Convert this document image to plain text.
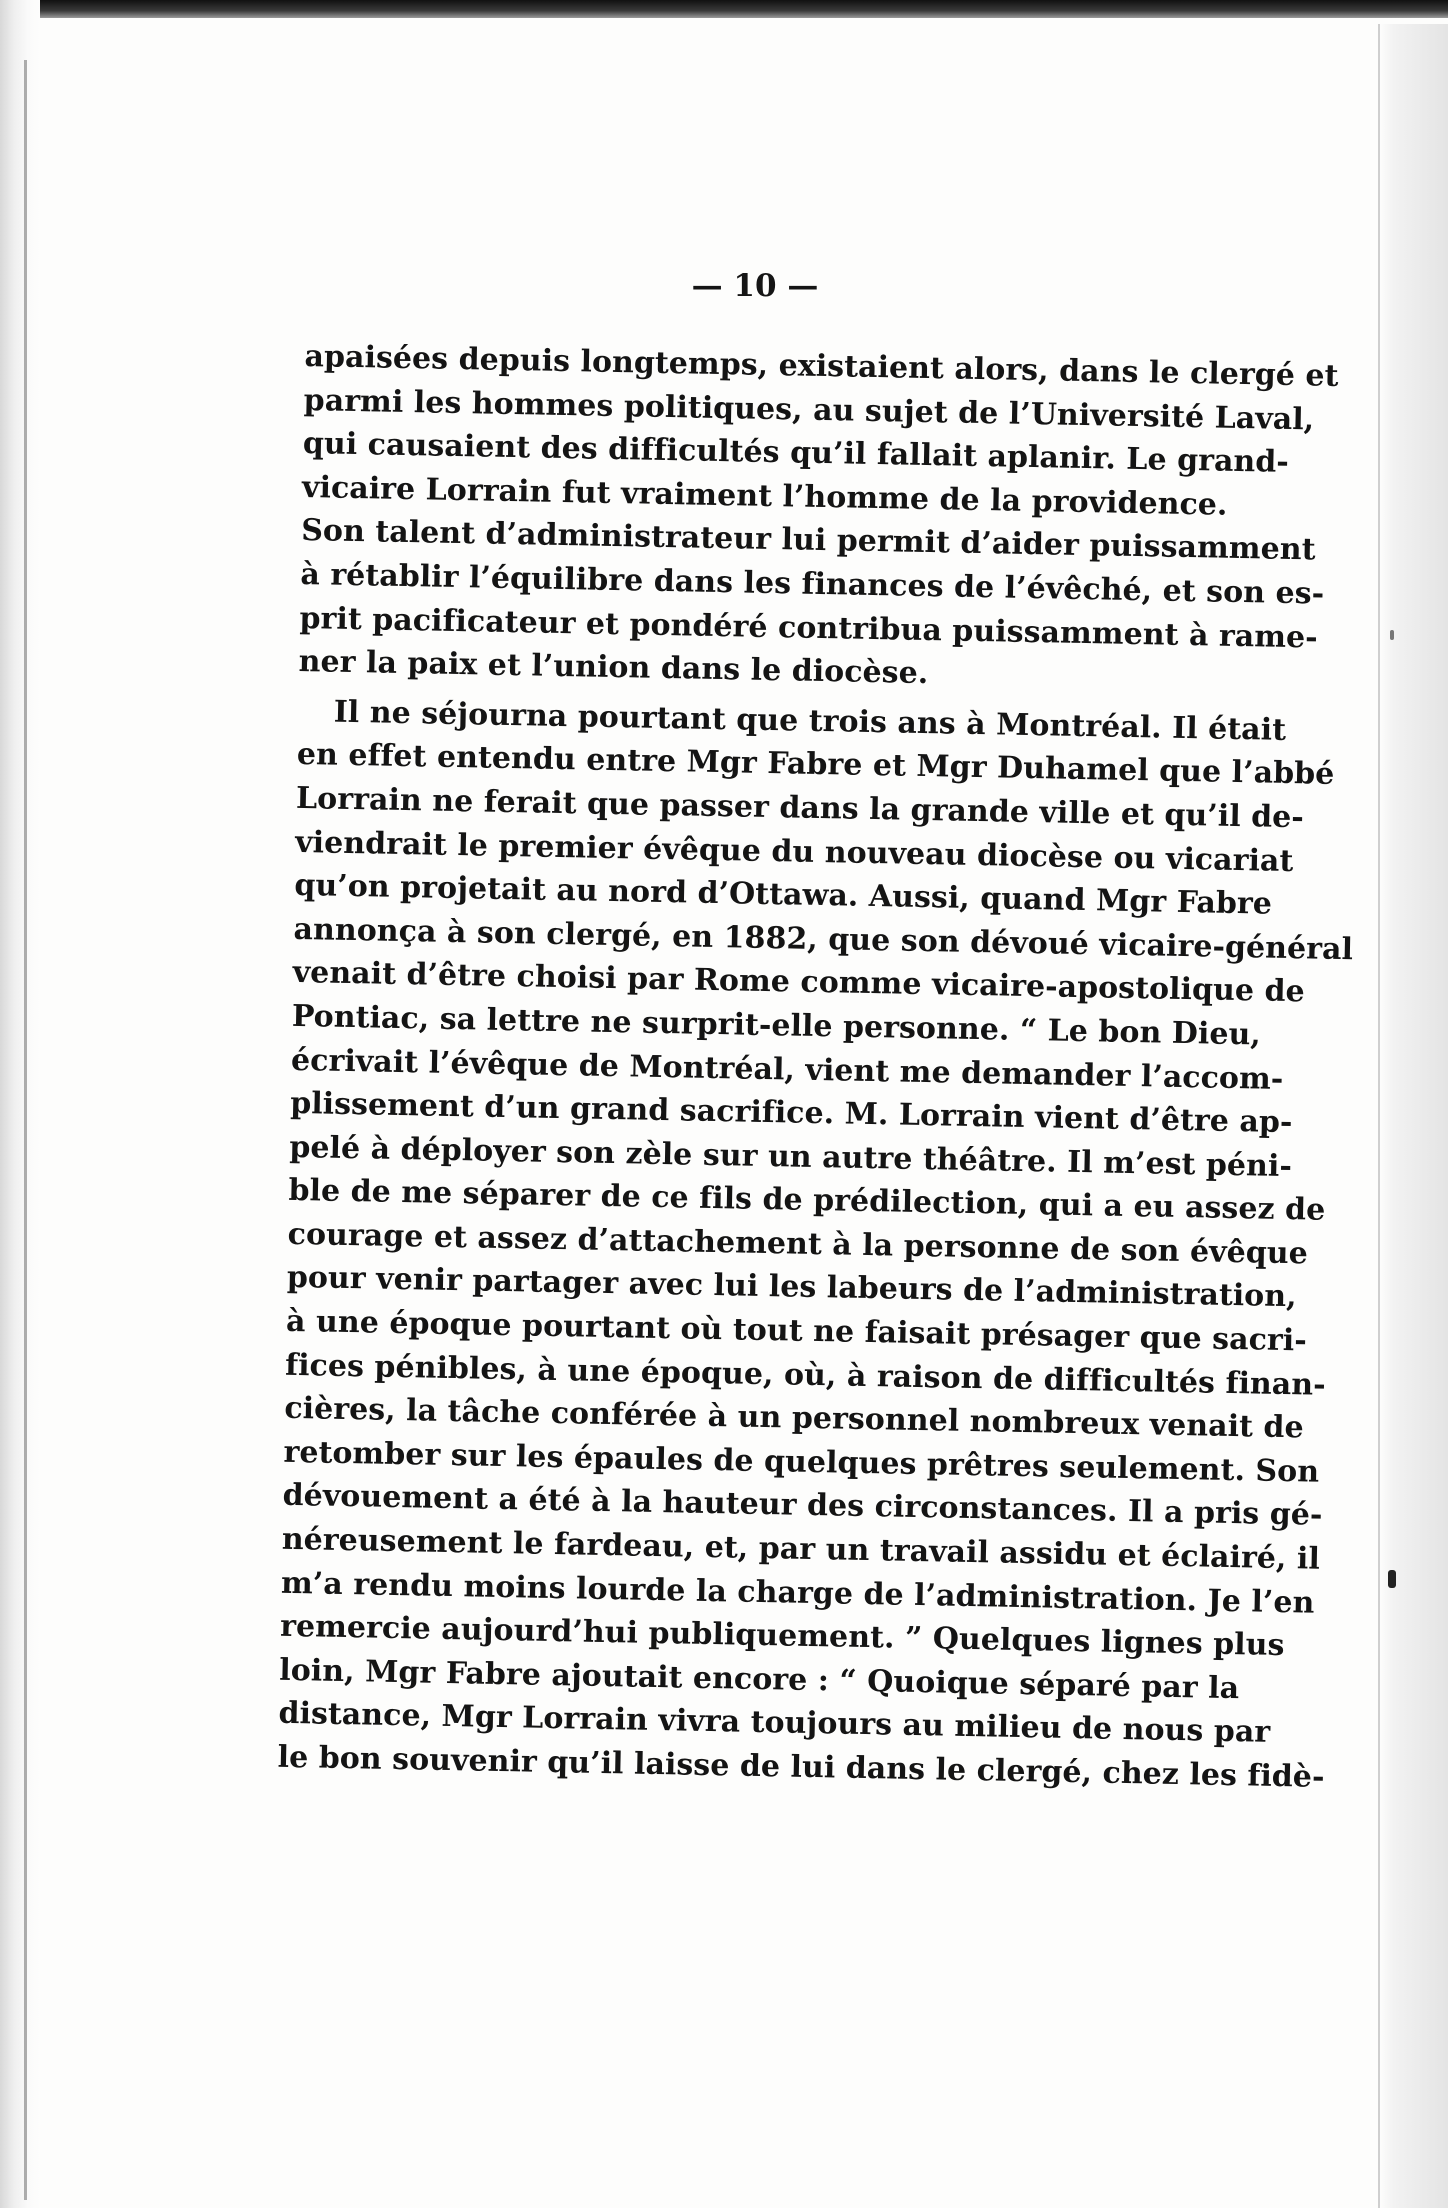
— 10 —

apaisées depuis longtemps, existaient alors, dans le clergé et
parmi les hommes politiques, au sujet de l’Université Laval,
qui causaient des difficultés qu’il fallait aplanir. Le grand-
vicaire Lorrain fut vraiment l’homme de la providence.
Son talent d’administrateur lui permit d’aider puissamment
à rétablir l’équilibre dans les finances de l’évêché, et son es-
prit pacificateur et pondéré contribua puissamment à rame-
ner la paix et l’union dans le diocèse.

Il ne séjourna pourtant que trois ans à Montréal. Il était
en effet entendu entre Mgr Fabre et Mgr Duhamel que l’abbé
Lorrain ne ferait que passer dans la grande ville et qu’il de-
viendrait le premier évêque du nouveau diocèse ou vicariat
qu’on projetait au nord d’Ottawa. Aussi, quand Mgr Fabre
annonça à son clergé, en 1882, que son dévoué vicaire-général
venait d’être choisi par Rome comme vicaire-apostolique de
Pontiac, sa lettre ne surprit-elle personne. “ Le bon Dieu,
écrivait l’évêque de Montréal, vient me demander l’accom-
plissement d’un grand sacrifice. M. Lorrain vient d’être ap-
pelé à déployer son zèle sur un autre théâtre. Il m’est péni-
ble de me séparer de ce fils de prédilection, qui a eu assez de
courage et assez d’attachement à la personne de son évêque
pour venir partager avec lui les labeurs de l’administration,
à une époque pourtant où tout ne faisait présager que sacri-
fices pénibles, à une époque, où, à raison de difficultés finan-
cières, la tâche conférée à un personnel nombreux venait de
retomber sur les épaules de quelques prêtres seulement. Son
dévouement a été à la hauteur des circonstances. Il a pris gé-
néreusement le fardeau, et, par un travail assidu et éclairé, il
m’a rendu moins lourde la charge de l’administration. Je l’en
remercie aujourd’hui publiquement. ” Quelques lignes plus
loin, Mgr Fabre ajoutait encore : “ Quoique séparé par la
distance, Mgr Lorrain vivra toujours au milieu de nous par
le bon souvenir qu’il laisse de lui dans le clergé, chez les fidè-
